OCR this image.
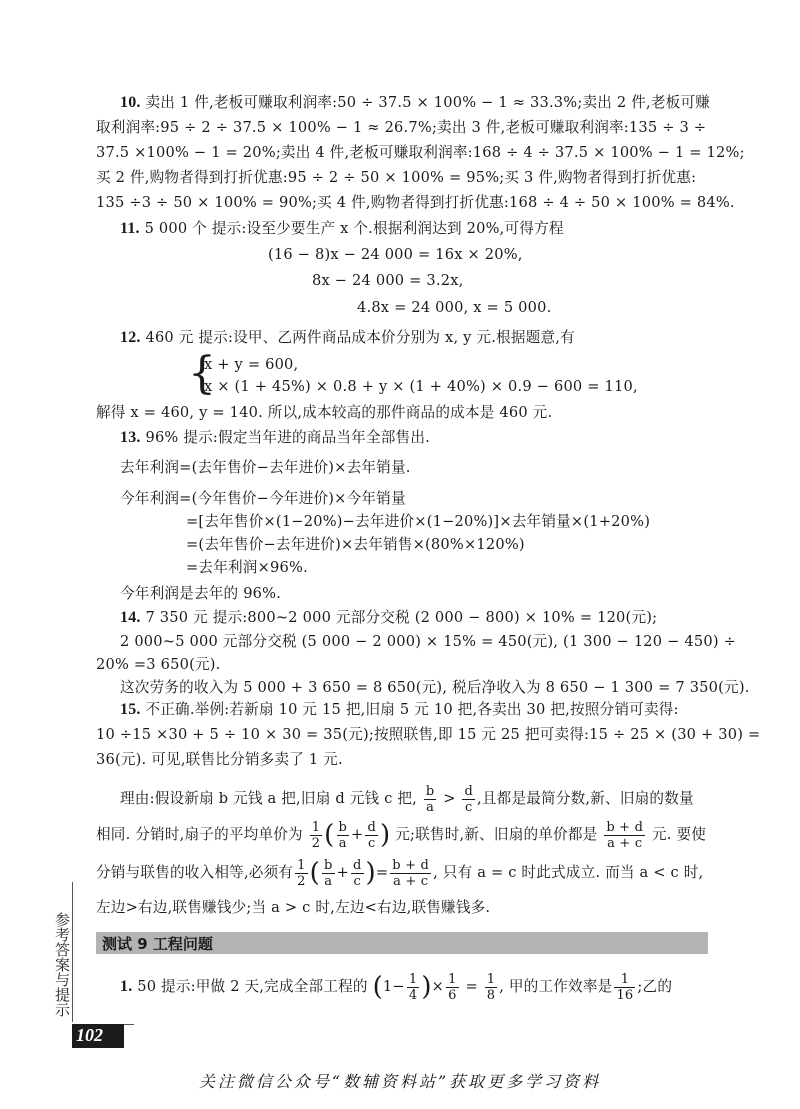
10. 卖出 1 件,老板可赚取利润率:50 ÷ 37.5 × 100% − 1 ≈ 33.3%;卖出 2 件,老板可赚
取利润率:95 ÷ 2 ÷ 37.5 × 100% − 1 ≈ 26.7%;卖出 3 件,老板可赚取利润率:135 ÷ 3 ÷
37.5 ×100% − 1 = 20%;卖出 4 件,老板可赚取利润率:168 ÷ 4 ÷ 37.5 × 100% − 1 = 12%;
买 2 件,购物者得到打折优惠:95 ÷ 2 ÷ 50 × 100% = 95%;买 3 件,购物者得到打折优惠:
135 ÷3 ÷ 50 × 100% = 90%;买 4 件,购物者得到打折优惠:168 ÷ 4 ÷ 50 × 100% = 84%.
11. 5 000 个 提示:设至少要生产 x 个.根据利润达到 20%,可得方程
(16 − 8)x − 24 000 = 16x × 20%,
8x − 24 000 = 3.2x,
4.8x = 24 000, x = 5 000.
12. 460 元 提示:设甲、乙两件商品成本价分别为 x, y 元.根据题意,有
{
x + y = 600,
x × (1 + 45%) × 0.8 + y × (1 + 40%) × 0.9 − 600 = 110,
解得 x = 460, y = 140. 所以,成本较高的那件商品的成本是 460 元.
13. 96% 提示:假定当年进的商品当年全部售出.
去年利润=(去年售价−去年进价)×去年销量.
今年利润=(今年售价−今年进价)×今年销量
=[去年售价×(1−20%)−去年进价×(1−20%)]×去年销量×(1+20%)
=(去年售价−去年进价)×去年销售×(80%×120%)
=去年利润×96%.
今年利润是去年的 96%.
14. 7 350 元 提示:800~2 000 元部分交税 (2 000 − 800) × 10% = 120(元);
2 000~5 000 元部分交税 (5 000 − 2 000) × 15% = 450(元), (1 300 − 120 − 450) ÷
20% =3 650(元).
这次劳务的收入为 5 000 + 3 650 = 8 650(元), 税后净收入为 8 650 − 1 300 = 7 350(元).
15. 不正确.举例:若新扇 10 元 15 把,旧扇 5 元 10 把,各卖出 30 把,按照分销可卖得:
10 ÷15 ×30 + 5 ÷ 10 × 30 = 35(元);按照联售,即 15 元 25 把可卖得:15 ÷ 25 × (30 + 30) =
36(元). 可见,联售比分销多卖了 1 元.
理由:假设新扇 b 元钱 a 把,旧扇 d 元钱 c 把, $\frac{b}{a} > \frac{d}{c}$ ,且都是最简分数,新、旧扇的数量
相同. 分销时,扇子的平均单价为 $\frac{1}{2}$ ( $\frac{b}{a} + \frac{d}{c}$ ) 元;联售时,新、旧扇的单价都是 $\frac{b + d}{a + c}$ 元. 要使
测试 9 工程问题
1. 50 提示:甲做 2 天,完成全部工程的 ($1- \frac{1}{4}$ )× $\frac{1}{6} = \frac{1}{8}$ , 甲的工作效率是 $\frac{1}{16}$ ;乙的
参考答案与提示
102
关注微信公众号“数辅资料站”获取更多学习资料
分销与联售的收入相等,必须有 $\frac{1}{2}$ ( $\frac{b}{a} + \frac{d}{c}$ )= $\frac{b + d}{a + c}$ , 只有 a = c 时此式成立. 而当 a < c 时,
左边>右边,联售赚钱少;当 a > c 时,左边<右边,联售赚钱多.
